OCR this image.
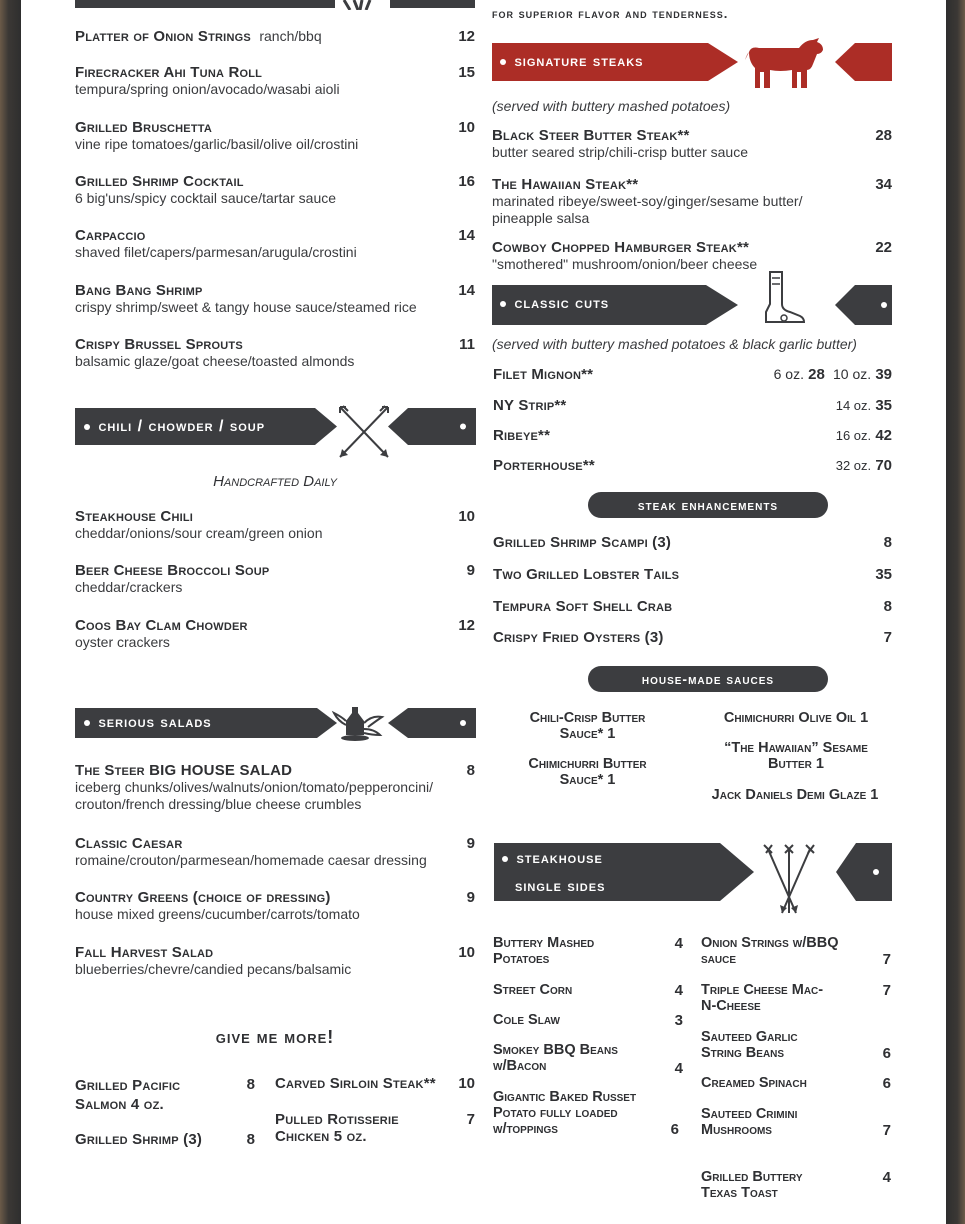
Platter of Onion Strings ranch/bbq	12
Firecracker Ahi Tuna Roll
tempura/spring onion/avocado/wasabi aioli
15
Grilled Bruschetta
vine ripe tomatoes/garlic/basil/olive oil/crostini
10
Grilled Shrimp Cocktail
6 big'uns/spicy cocktail sauce/tartar sauce
16
Carpaccio
shaved filet/capers/parmesan/arugula/crostini
14
Bang Bang Shrimp
crispy shrimp/sweet & tangy house sauce/steamed rice
14
Crispy Brussel Sprouts
balsamic glaze/goat cheese/toasted almonds
11
chili / chowder / soup
Handcrafted Daily
Steakhouse Chili
cheddar/onions/sour cream/green onion
10
Beer Cheese Broccoli Soup
cheddar/crackers
9
Coos Bay Clam Chowder
oyster crackers
12
serious salads
The Steer BIG HOUSE SALAD
iceberg chunks/olives/walnuts/onion/tomato/pepperoncini/ crouton/french dressing/blue cheese crumbles
8
Classic Caesar
romaine/crouton/parmesean/homemade caesar dressing
9
Country Greens (choice of dressing)
house mixed greens/cucumber/carrots/tomato
9
Fall Harvest Salad
blueberries/chevre/candied pecans/balsamic
10
give me more!
Grilled Pacific Salmon 4 oz.
8
Grilled Shrimp (3)	8
Carved Sirloin Steak**	10
Pulled Rotisserie Chicken 5 oz.
7
for superior flavor and tenderness.
signature steaks
(served with buttery mashed potatoes)
Black Steer Butter Steak**
butter seared strip/chili-crisp butter sauce
28
The Hawaiian Steak**
marinated ribeye/sweet-soy/ginger/sesame butter/ pineapple salsa
34
Cowboy Chopped Hamburger Steak**
"smothered" mushroom/onion/beer cheese
22
classic cuts
(served with buttery mashed potatoes & black garlic butter)
Filet Mignon**	6 oz. 28 10 oz. 39
NY Strip**	14 oz. 35
Ribeye**	16 oz. 42
Porterhouse**	32 oz. 70
steak enhancements
Grilled Shrimp Scampi (3)	8
Two Grilled Lobster Tails	35
Tempura Soft Shell Crab	8
Crispy Fried Oysters (3)	7
house-made sauces
Chili-Crisp Butter Sauce* 1
Chimichurri Butter Sauce* 1
Chimichurri Olive Oil 1
“The Hawaiian” Sesame Butter 1
Jack Daniels Demi Glaze 1
steakhouse
single sides
Buttery Mashed Potatoes
4
Street Corn	4
Cole Slaw	3
Smokey BBQ Beans w/Bacon	4
Gigantic Baked Russet Potato fully loaded w/toppings	6
Onion Strings w/BBQ sauce	7
Triple Cheese Mac-N-Cheese
7
Sauteed Garlic String Beans	6
Creamed Spinach	6
Sauteed Crimini Mushrooms	7
Grilled Buttery Texas Toast
4
